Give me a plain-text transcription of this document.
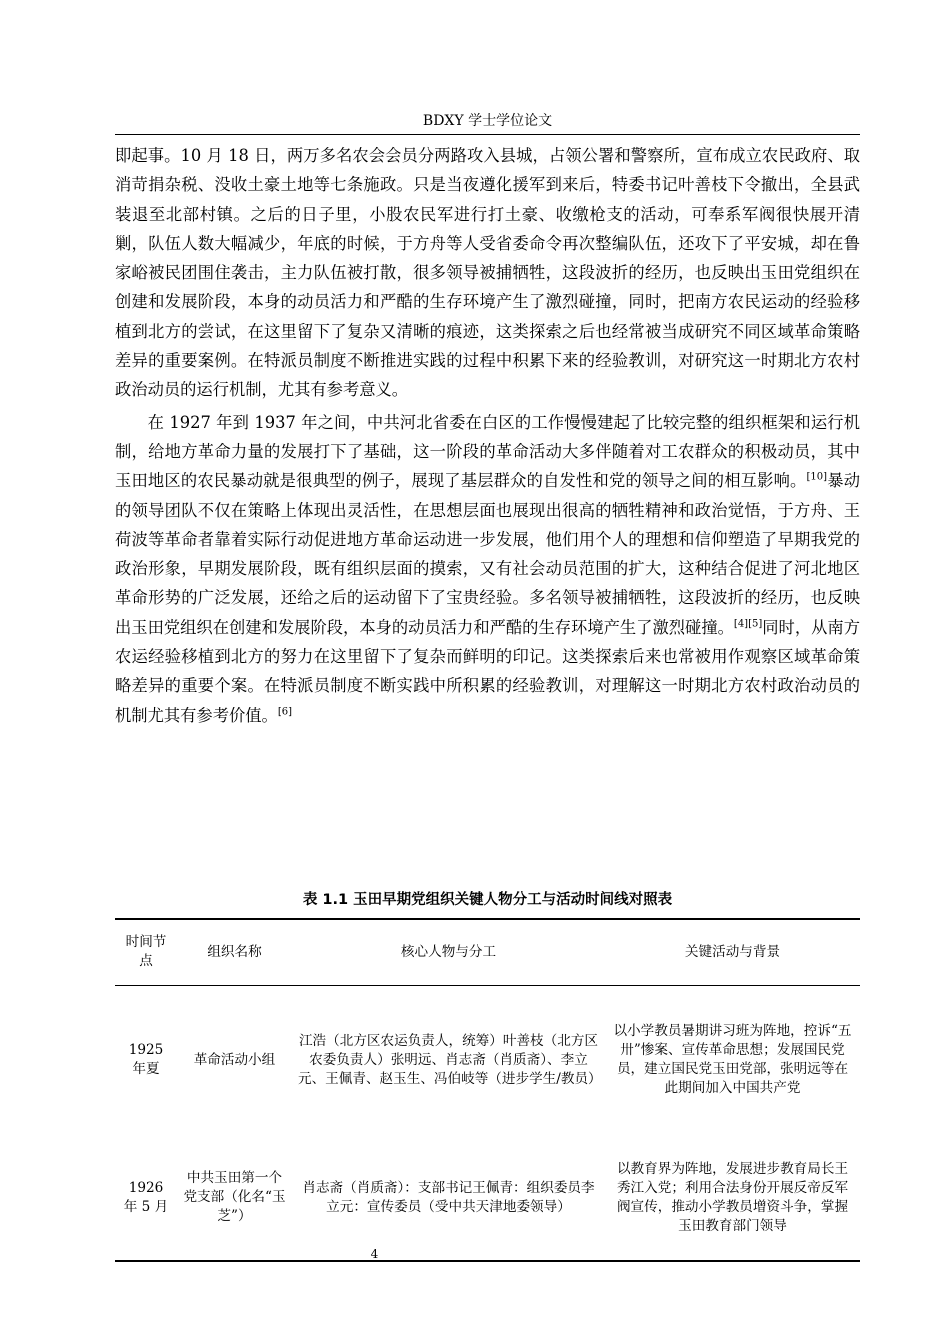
BDXY 学士学位论文

即起事。10 月 18 日，两万多名农会会员分两路攻入县城，占领公署和警察所，宣布成立农民政府、取消苛捐杂税、没收土豪土地等七条施政。只是当夜遵化援军到来后，特委书记叶善枝下令撤出，全县武装退至北部村镇。之后的日子里，小股农民军进行打土豪、收缴枪支的活动，可奉系军阀很快展开清剿，队伍人数大幅减少，年底的时候，于方舟等人受省委命令再次整编队伍，还攻下了平安城，却在鲁家峪被民团围住袭击，主力队伍被打散，很多领导被捕牺牲，这段波折的经历，也反映出玉田党组织在创建和发展阶段，本身的动员活力和严酷的生存环境产生了激烈碰撞，同时，把南方农民运动的经验移植到北方的尝试，在这里留下了复杂又清晰的痕迹，这类探索之后也经常被当成研究不同区域革命策略差异的重要案例。在特派员制度不断推进实践的过程中积累下来的经验教训，对研究这一时期北方农村政治动员的运行机制，尤其有参考意义。

在 1927 年到 1937 年之间，中共河北省委在白区的工作慢慢建起了比较完整的组织框架和运行机制，给地方革命力量的发展打下了基础，这一阶段的革命活动大多伴随着对工农群众的积极动员，其中玉田地区的农民暴动就是很典型的例子，展现了基层群众的自发性和党的领导之间的相互影响。[10]暴动的领导团队不仅在策略上体现出灵活性，在思想层面也展现出很高的牺牲精神和政治觉悟，于方舟、王荷波等革命者靠着实际行动促进地方革命运动进一步发展，他们用个人的理想和信仰塑造了早期我党的政治形象，早期发展阶段，既有组织层面的摸索，又有社会动员范围的扩大，这种结合促进了河北地区革命形势的广泛发展，还给之后的运动留下了宝贵经验。多名领导被捕牺牲，这段波折的经历，也反映出玉田党组织在创建和发展阶段，本身的动员活力和严酷的生存环境产生了激烈碰撞。[4][5]同时，从南方农运经验移植到北方的努力在这里留下了复杂而鲜明的印记。这类探索后来也常被用作观察区域革命策略差异的重要个案。在特派员制度不断实践中所积累的经验教训，对理解这一时期北方农村政治动员的机制尤其有参考价值。[6]

表 1.1 玉田早期党组织关键人物分工与活动时间线对照表
时间节点	组织名称	核心人物与分工	关键活动与背景
1925 年夏	革命活动小组	江浩（北方区农运负责人，统筹）叶善枝（北方区农委负责人）张明远、肖志斋（肖质斋）、李立元、王佩青、赵玉生、冯伯岐等（进步学生/教员）	以小学教员暑期讲习班为阵地，控诉“五卅”惨案、宣传革命思想；发展国民党员，建立国民党玉田党部，张明远等在此期间加入中国共产党
1926 年 5 月	中共玉田第一个党支部（化名“玉芝”）	肖志斋（肖质斋）：支部书记王佩青：组织委员李立元：宣传委员（受中共天津地委领导）	以教育界为阵地，发展进步教育局长王秀江入党；利用合法身份开展反帝反军阀宣传，推动小学教员增资斗争，掌握玉田教育部门领导
4
